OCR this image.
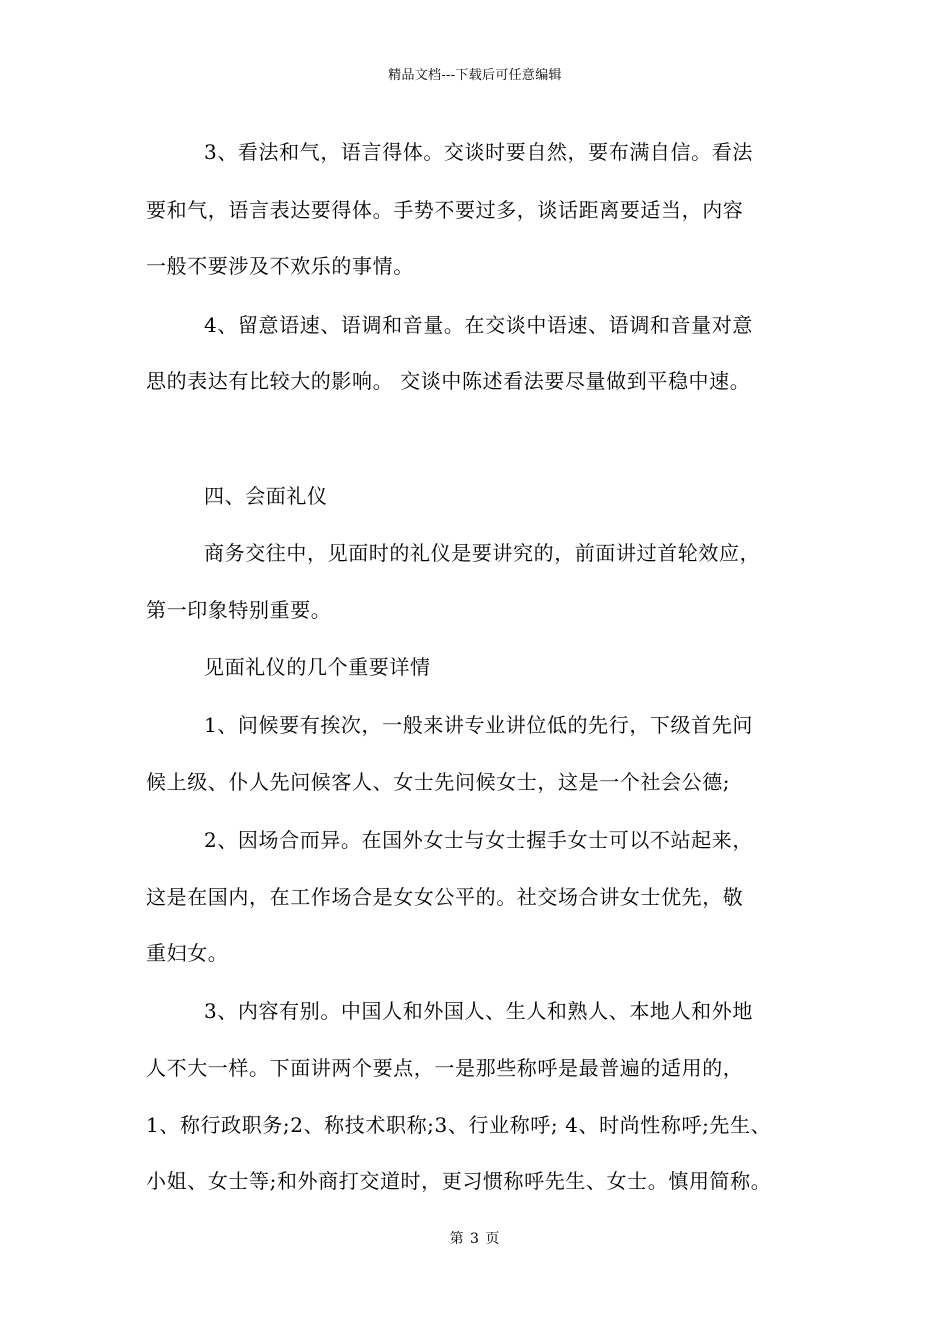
精品文档---下载后可任意编辑
3、看法和气，语言得体。交谈时要自然，要布满自信。看法
要和气，语言表达要得体。手势不要过多，谈话距离要适当，内容
一般不要涉及不欢乐的事情。
4、留意语速、语调和音量。在交谈中语速、语调和音量对意
思的表达有比较大的影响。 交谈中陈述看法要尽量做到平稳中速。
四、会面礼仪
商务交往中，见面时的礼仪是要讲究的，前面讲过首轮效应，
第一印象特别重要。
见面礼仪的几个重要详情
1、问候要有挨次，一般来讲专业讲位低的先行，下级首先问
候上级、仆人先问候客人、女士先问候女士，这是一个社会公德;
2、因场合而异。在国外女士与女士握手女士可以不站起来，
这是在国内，在工作场合是女女公平的。社交场合讲女士优先，敬
重妇女。
3、内容有别。中国人和外国人、生人和熟人、本地人和外地
人不大一样。下面讲两个要点，一是那些称呼是最普遍的适用的，
1、称行政职务;2、称技术职称;3、行业称呼; 4、时尚性称呼;先生、
小姐、女士等;和外商打交道时，更习惯称呼先生、女士。慎用简称。
第 3 页
